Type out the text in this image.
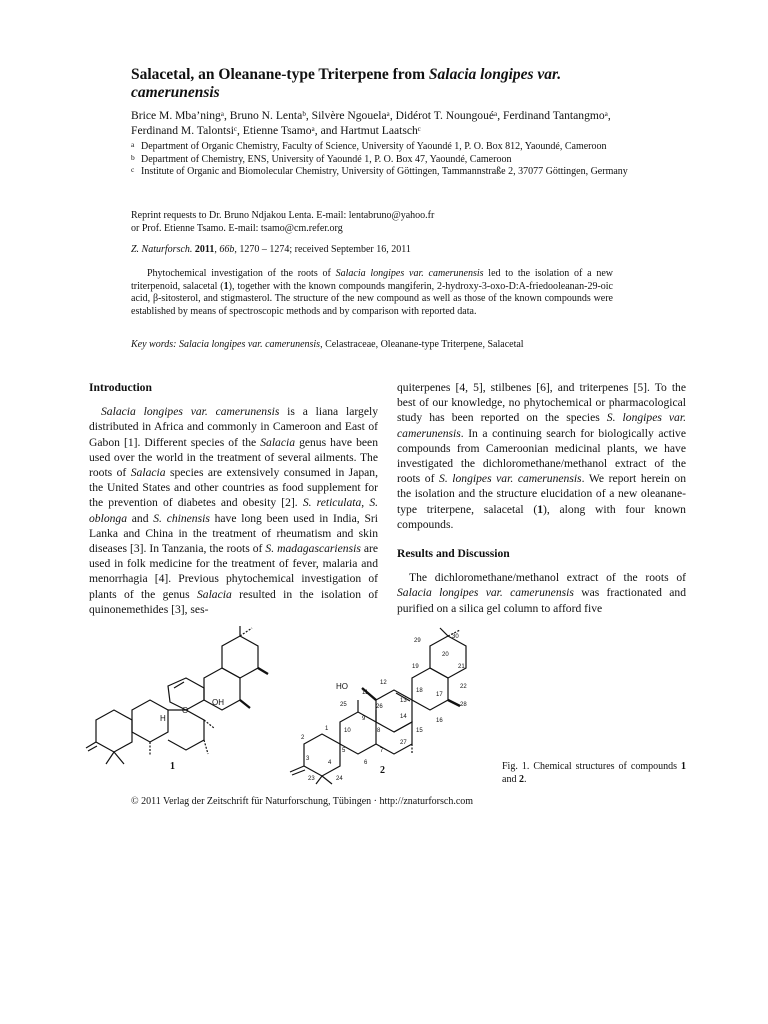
Salacetal, an Oleanane-type Triterpene from Salacia longipes var. camerunensis
Brice M. Mba’ningᵃ, Bruno N. Lentaᵇ, Silvère Ngouelaᵃ, Didérot T. Noungouéᵃ, Ferdinand Tantangmoᵃ, Ferdinand M. Talontsiᶜ, Etienne Tsamoᵃ, and Hartmut Laatschᶜ
a Department of Organic Chemistry, Faculty of Science, University of Yaoundé 1, P. O. Box 812, Yaoundé, Cameroon
b Department of Chemistry, ENS, University of Yaoundé 1, P. O. Box 47, Yaoundé, Cameroon
c Institute of Organic and Biomolecular Chemistry, University of Göttingen, Tammannstraße 2, 37077 Göttingen, Germany
Reprint requests to Dr. Bruno Ndjakou Lenta. E-mail: lentabruno@yahoo.fr
or Prof. Etienne Tsamo. E-mail: tsamo@cm.refer.org
Z. Naturforsch. 2011, 66b, 1270 – 1274; received September 16, 2011
Phytochemical investigation of the roots of Salacia longipes var. camerunensis led to the isolation of a new triterpenoid, salacetal (1), together with the known compounds mangiferin, 2-hydroxy-3-oxo-D:A-friedooleanan-29-oic acid, β-sitosterol, and stigmasterol. The structure of the new compound as well as those of the known compounds were established by means of spectroscopic methods and by comparison with reported data.
Key words: Salacia longipes var. camerunensis, Celastraceae, Oleanane-type Triterpene, Salacetal
Introduction

Salacia longipes var. camerunensis is a liana largely distributed in Africa and commonly in Cameroon and East of Gabon [1]. Different species of the Salacia genus have been used over the world in the treatment of several ailments. The roots of Salacia species are extensively consumed in Japan, the United States and other countries as food supplement for the prevention of diabetes and obesity [2]. S. reticulata, S. oblonga and S. chinensis have long been used in India, Sri Lanka and China in the treatment of rheumatism and skin diseases [3]. In Tanzania, the roots of S. madagascariensis are used in folk medicine for the treatment of fever, malaria and menorrhagia [4]. Previous phytochemical investigation of plants of the genus Salacia resulted in the isolation of quinonemethides [3], ses-

quiterpenes [4, 5], stilbenes [6], and triterpenes [5]. To the best of our knowledge, no phytochemical or pharmacological study has been reported on the species S. longipes var. camerunensis. In a continuing search for biologically active compounds from Cameroonian medicinal plants, we have investigated the dichloromethane/methanol extract of the roots of S. longipes var. camerunensis. We report herein on the isolation and the structure elucidation of a new oleanane-type triterpene, salacetal (1), along with four known compounds.

Results and Discussion

The dichloromethane/methanol extract of the roots of Salacia longipes var. camerunensis was fractionated and purified on a silica gel column to afford five

1	2
OH
O
H
HO
1
2
3
4
5
6
7
8
9
10
11
12
13
14
15
16
17
18
19
20
21
22
23	24
25	26
27
28
29
30
Fig. 1. Chemical structures of compounds 1 and 2.
© 2011 Verlag der Zeitschrift für Naturforschung, Tübingen · http://znaturforsch.com
